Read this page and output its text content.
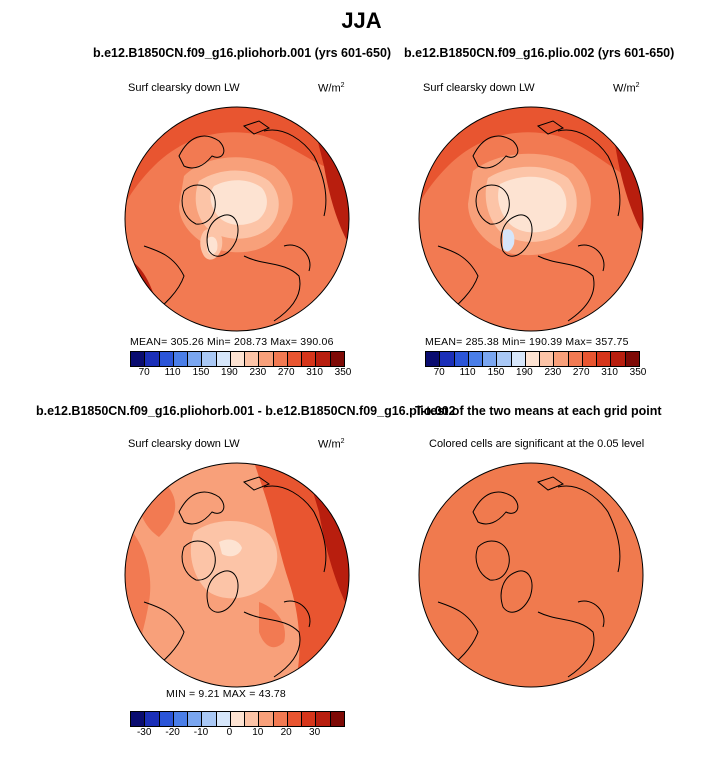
JJA
b.e12.B1850CN.f09_g16.pliohorb.001 (yrs 601-650)
Surf clearsky down LW	$W/m^2$
MEAN= 305.26 Min= 208.73 Max= 390.06
70 110 150 190 230 270 310 350
b.e12.B1850CN.f09_g16.plio.002 (yrs 601-650)
Surf clearsky down LW	$W/m^2$
MEAN= 285.38 Min= 190.39 Max= 357.75
70 110 150 190 230 270 310 350
b.e12.B1850CN.f09_g16.pliohorb.001 - b.e12.B1850CN.f09_g16.plio.002
Surf clearsky down LW	$W/m^2$
MIN = 9.21 MAX = 43.78
-30 -20 -10 0 10 20 30
T-test of the two means at each grid point
Colored cells are significant at the 0.05 level
